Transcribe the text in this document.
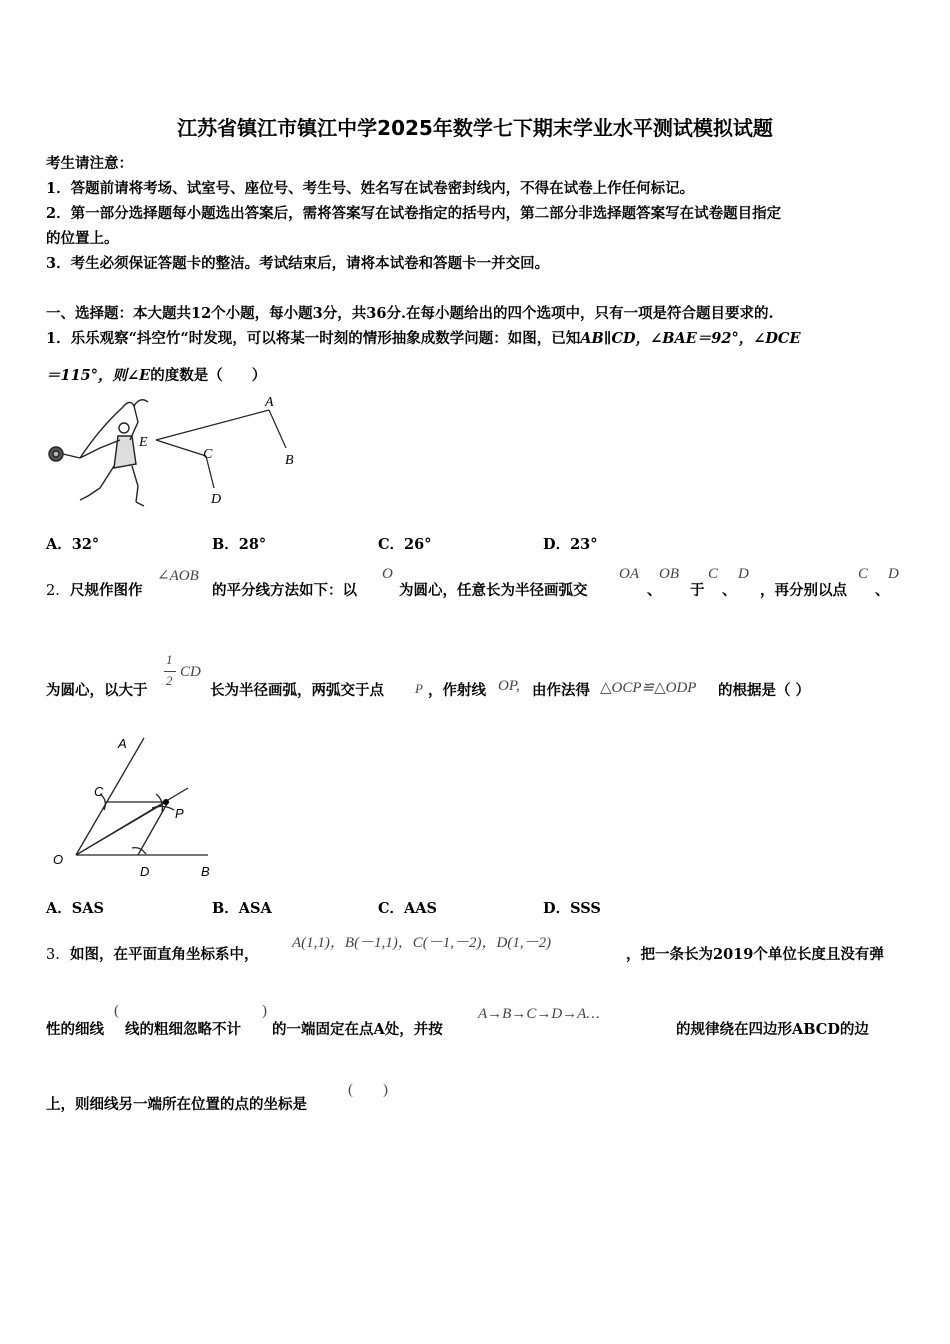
江苏省镇江市镇江中学2025年数学七下期末学业水平测试模拟试题
考生请注意：
1．答题前请将考场、试室号、座位号、考生号、姓名写在试卷密封线内，不得在试卷上作任何标记。
2．第一部分选择题每小题选出答案后，需将答案写在试卷指定的括号内，第二部分非选择题答案写在试卷题目指定
的位置上。
3．考生必须保证答题卡的整洁。考试结束后，请将本试卷和答题卡一并交回。
一、选择题：本大题共12个小题，每小题3分，共36分.在每小题给出的四个选项中，只有一项是符合题目要求的.
1．乐乐观察“抖空竹“时发现，可以将某一时刻的情形抽象成数学问题：如图，已知AB∥CD，∠BAE＝92°，∠DCE
＝115°，则∠E的度数是（　　）
A
B
C
D
E
A．32°	B．28°	C．26°	D．23°
2． 尺规作图作
∠AOB
的平分线方法如下：以
O
为圆心，任意长为半径画弧交
OA
、
OB
于
C
、
D
，再分别以点
C
、
D
为圆心，以大于
1
2
CD
长为半径画弧，两弧交于点 P ，作射线 OP, 由作法得 △OCP≌△ODP 的根据是（ ）
A
C
P
O
D	B
A．SAS	B．ASA	C．AAS	D．SSS
3． 如图，在平面直角坐标系中，
A(1,1)，B(－1,1)，C(－1,－2)，D(1,－2)
，把一条长为2019个单位长度且没有弹
性的细线
(
线的粗细忽略不计
)
的一端固定在点A处，并按
A→B→C→D→A…
的规律绕在四边形ABCD的边
上，则细线另一端所在位置的点的坐标是
(　　)
